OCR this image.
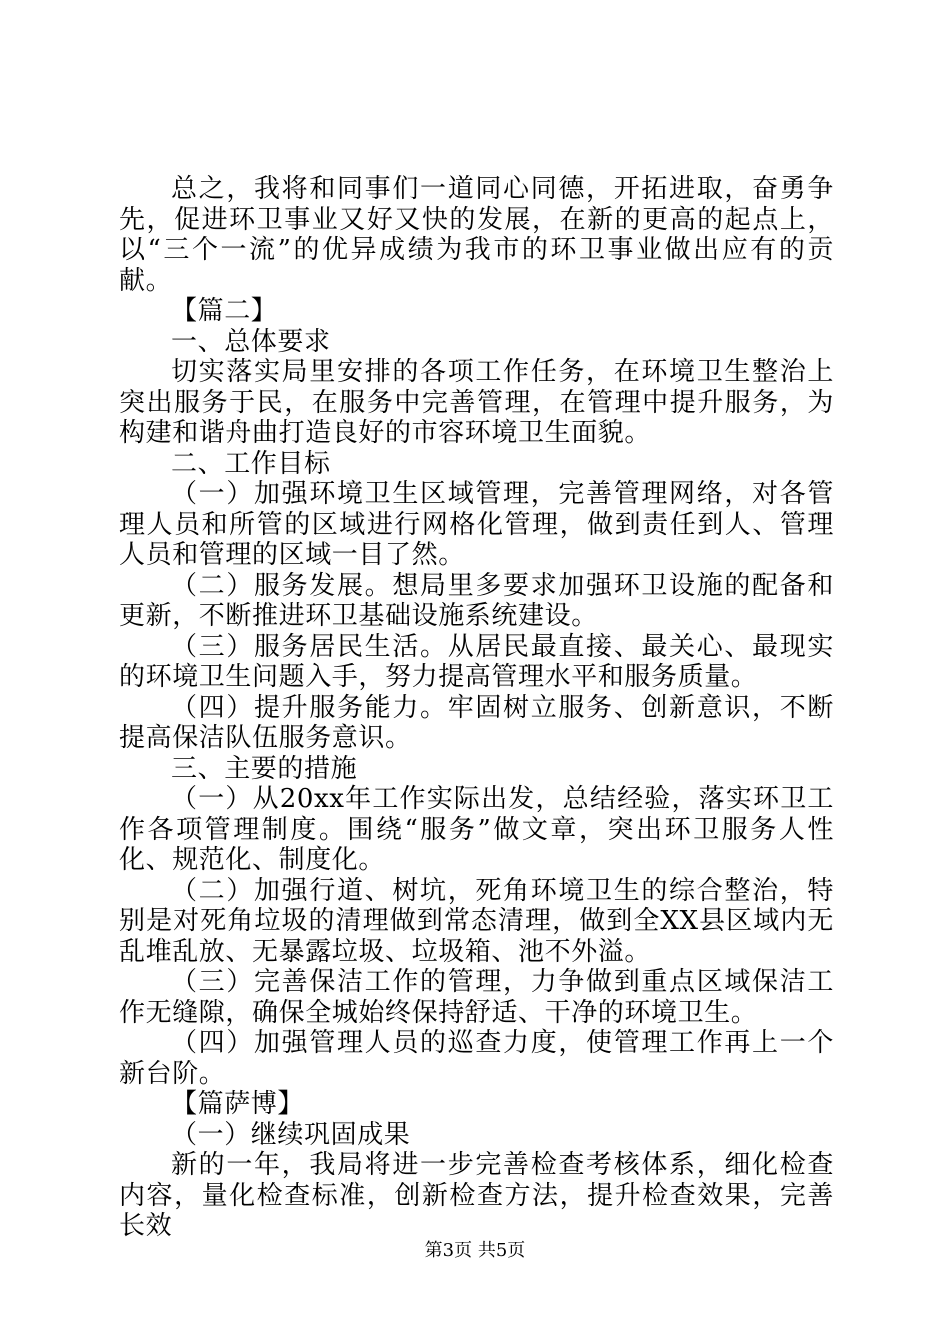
总之，我将和同事们一道同心同德，开拓进取，奋勇争先，促进环卫事业又好又快的发展，在新的更高的起点上，以“三个一流”的优异成绩为我市的环卫事业做出应有的贡献。

【篇二】

一、总体要求

切实落实局里安排的各项工作任务，在环境卫生整治上突出服务于民，在服务中完善管理，在管理中提升服务，为构建和谐舟曲打造良好的市容环境卫生面貌。

二、工作目标

（一）加强环境卫生区域管理，完善管理网络，对各管理人员和所管的区域进行网格化管理，做到责任到人、管理人员和管理的区域一目了然。

（二）服务发展。想局里多要求加强环卫设施的配备和更新，不断推进环卫基础设施系统建设。

（三）服务居民生活。从居民最直接、最关心、最现实的环境卫生问题入手，努力提高管理水平和服务质量。

（四）提升服务能力。牢固树立服务、创新意识，不断提高保洁队伍服务意识。

三、主要的措施

（一）从20xx年工作实际出发，总结经验，落实环卫工作各项管理制度。围绕“服务”做文章，突出环卫服务人性化、规范化、制度化。

（二）加强行道、树坑，死角环境卫生的综合整治，特别是对死角垃圾的清理做到常态清理，做到全XX县区域内无乱堆乱放、无暴露垃圾、垃圾箱、池不外溢。

（三）完善保洁工作的管理，力争做到重点区域保洁工作无缝隙，确保全城始终保持舒适、干净的环境卫生。

（四）加强管理人员的巡查力度，使管理工作再上一个新台阶。

【篇萨博】

（一）继续巩固成果

新的一年，我局将进一步完善检查考核体系，细化检查内容，量化检查标准，创新检查方法，提升检查效果，完善长效

第3页 共5页
